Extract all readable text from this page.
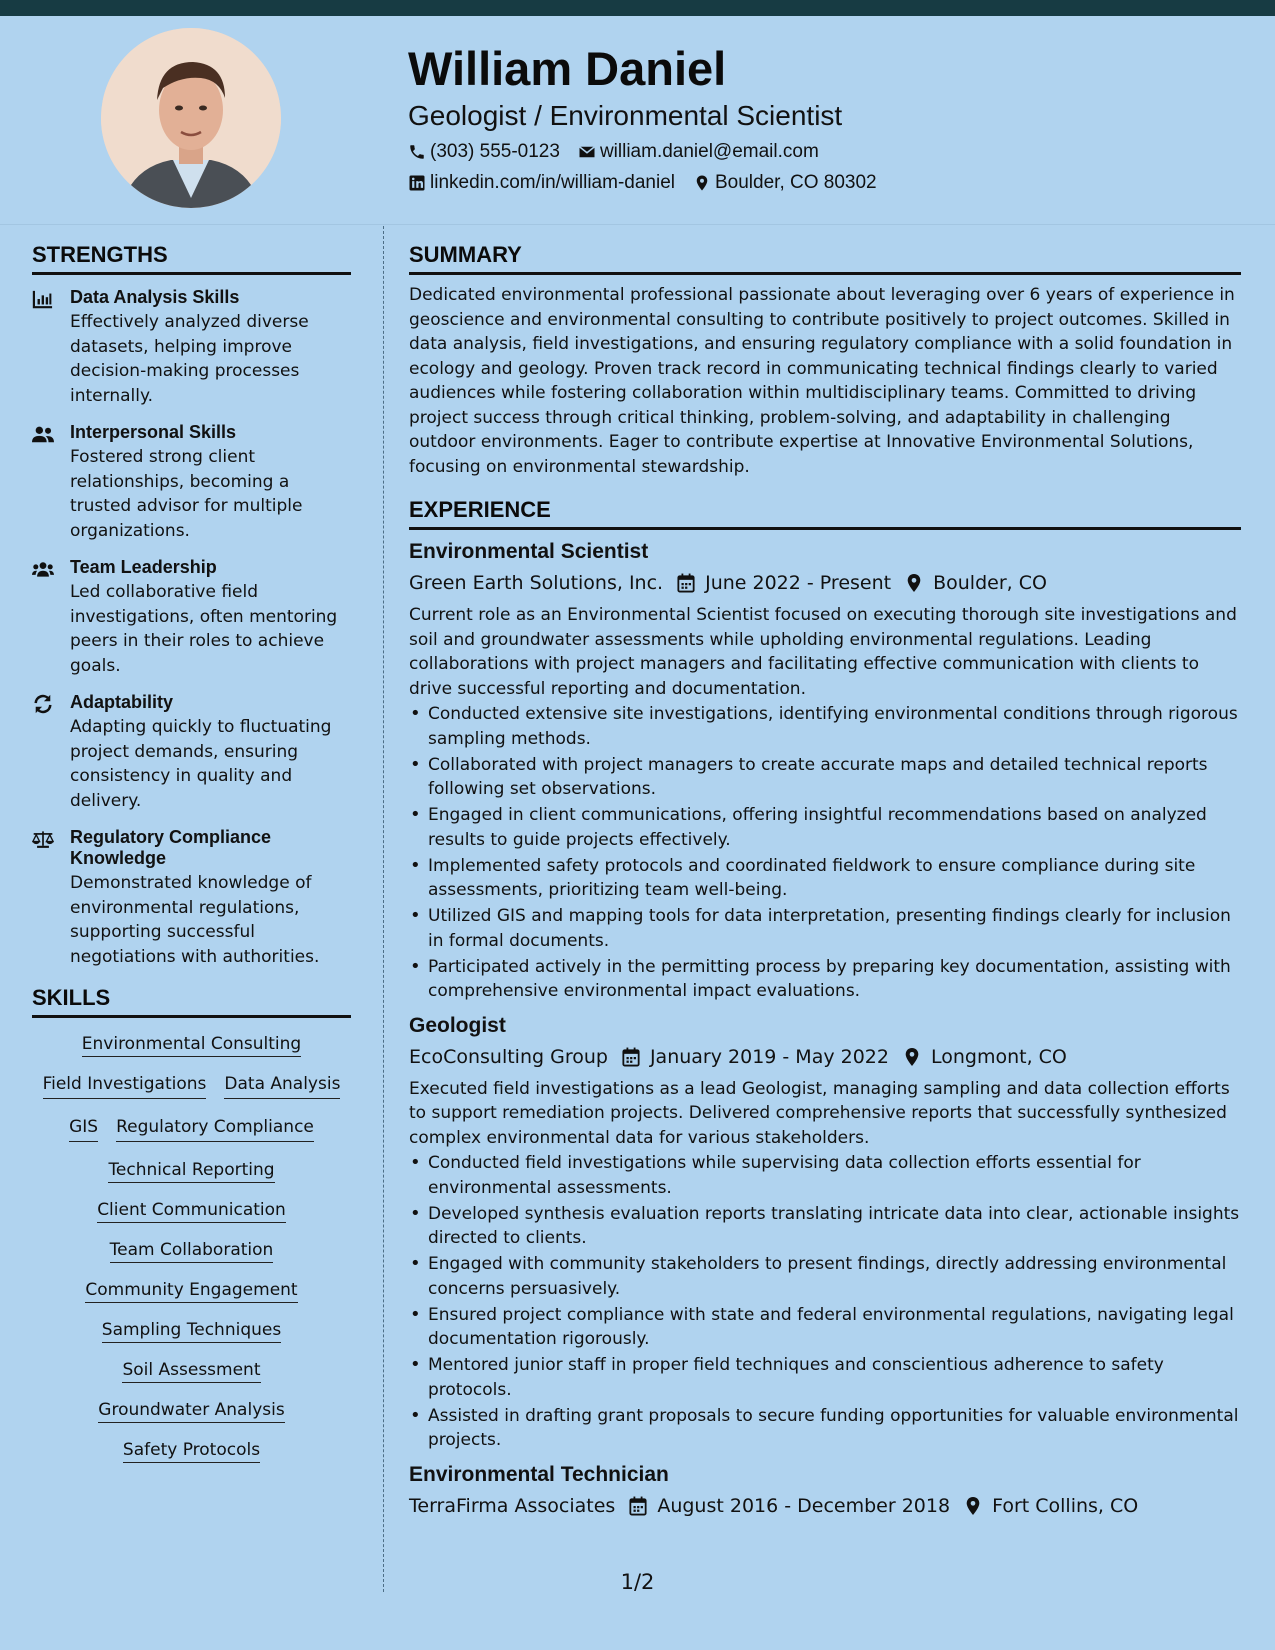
William Daniel
Geologist / Environmental Scientist
(303) 555-0123 william.daniel@email.com
linkedin.com/in/william-daniel Boulder, CO 80302
STRENGTHS
Data Analysis Skills
Effectively analyzed diverse datasets, helping improve decision-making processes internally.
Interpersonal Skills
Fostered strong client relationships, becoming a trusted advisor for multiple organizations.
Team Leadership
Led collaborative field investigations, often mentoring peers in their roles to achieve goals.
Adaptability
Adapting quickly to fluctuating project demands, ensuring consistency in quality and delivery.
Regulatory Compliance Knowledge
Demonstrated knowledge of environmental regulations, supporting successful negotiations with authorities.
SKILLS
Environmental Consulting
Field Investigations Data Analysis
GIS Regulatory Compliance
Technical Reporting
Client Communication
Team Collaboration
Community Engagement
Sampling Techniques
Soil Assessment
Groundwater Analysis
Safety Protocols
SUMMARY
Dedicated environmental professional passionate about leveraging over 6 years of experience in geoscience and environmental consulting to contribute positively to project outcomes. Skilled in data analysis, field investigations, and ensuring regulatory compliance with a solid foundation in ecology and geology. Proven track record in communicating technical findings clearly to varied audiences while fostering collaboration within multidisciplinary teams. Committed to driving project success through critical thinking, problem-solving, and adaptability in challenging outdoor environments. Eager to contribute expertise at Innovative Environmental Solutions, focusing on environmental stewardship.
EXPERIENCE
Environmental Scientist
Green Earth Solutions, Inc. June 2022 - Present Boulder, CO
Current role as an Environmental Scientist focused on executing thorough site investigations and soil and groundwater assessments while upholding environmental regulations. Leading collaborations with project managers and facilitating effective communication with clients to drive successful reporting and documentation.
• Conducted extensive site investigations, identifying environmental conditions through rigorous sampling methods.
• Collaborated with project managers to create accurate maps and detailed technical reports following set observations.
• Engaged in client communications, offering insightful recommendations based on analyzed results to guide projects effectively.
• Implemented safety protocols and coordinated fieldwork to ensure compliance during site assessments, prioritizing team well-being.
• Utilized GIS and mapping tools for data interpretation, presenting findings clearly for inclusion in formal documents.
• Participated actively in the permitting process by preparing key documentation, assisting with comprehensive environmental impact evaluations.
Geologist
EcoConsulting Group January 2019 - May 2022 Longmont, CO
Executed field investigations as a lead Geologist, managing sampling and data collection efforts to support remediation projects. Delivered comprehensive reports that successfully synthesized complex environmental data for various stakeholders.
• Conducted field investigations while supervising data collection efforts essential for environmental assessments.
• Developed synthesis evaluation reports translating intricate data into clear, actionable insights directed to clients.
• Engaged with community stakeholders to present findings, directly addressing environmental concerns persuasively.
• Ensured project compliance with state and federal environmental regulations, navigating legal documentation rigorously.
• Mentored junior staff in proper field techniques and conscientious adherence to safety protocols.
• Assisted in drafting grant proposals to secure funding opportunities for valuable environmental projects.
Environmental Technician
TerraFirma Associates August 2016 - December 2018 Fort Collins, CO
1/2
